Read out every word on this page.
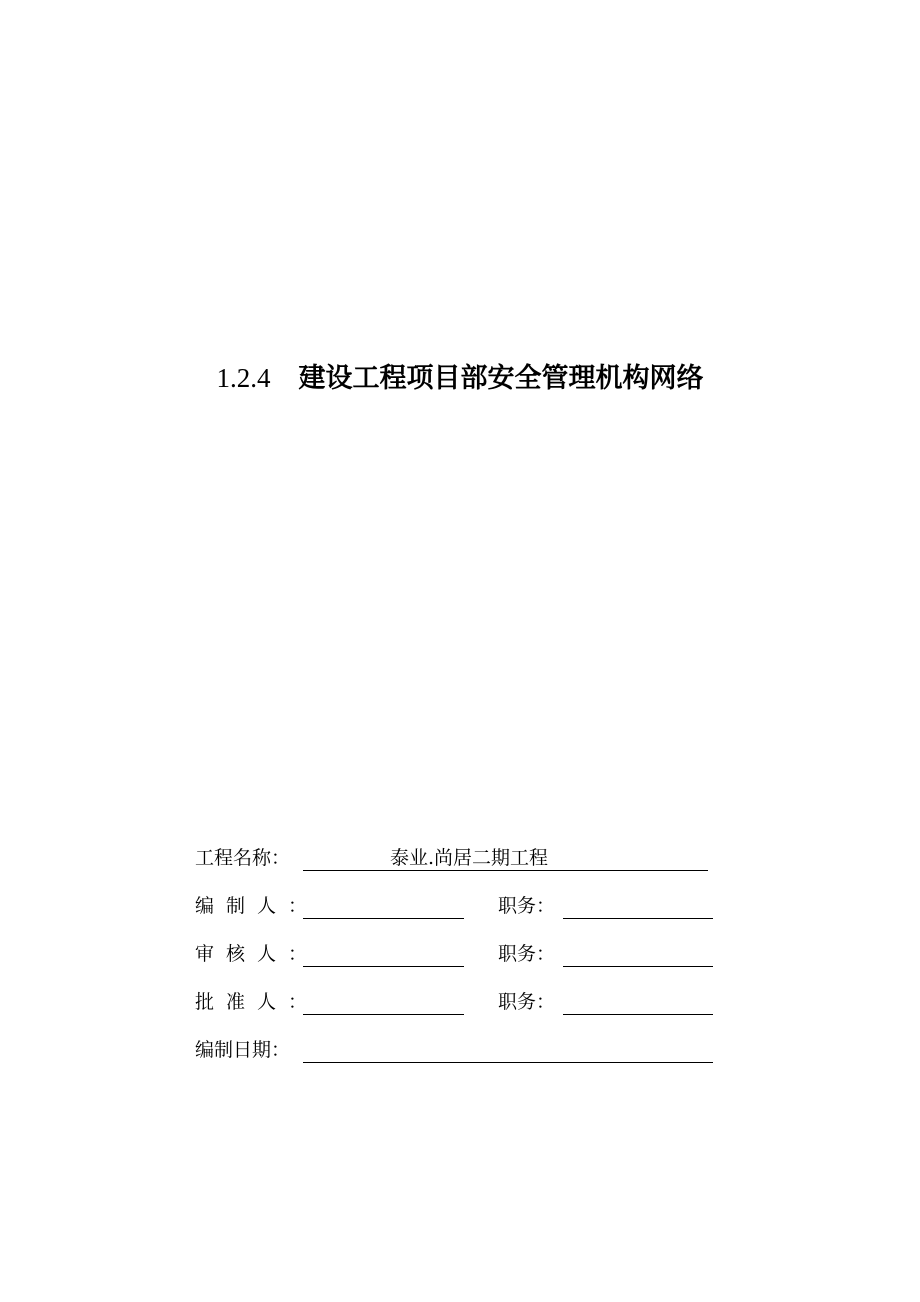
1.2.4 建设工程项目部安全管理机构网络
工程名称：	泰业.尚居二期工程
编制人：	职务：
审核人：	职务：
批准人：	职务：
编制日期：
